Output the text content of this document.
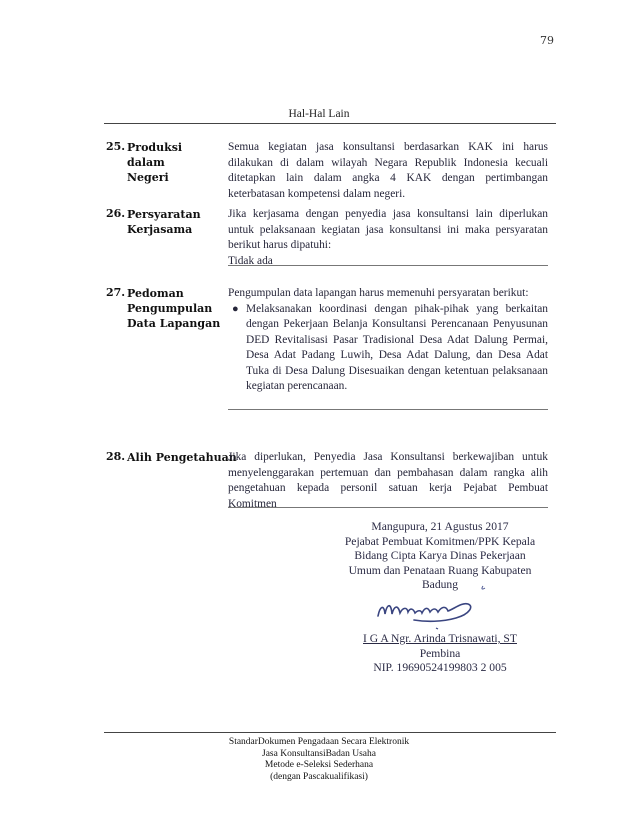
79
Hal-Hal Lain
25. Produksi dalam
Negeri
Semua kegiatan jasa konsultansi berdasarkan KAK ini harus dilakukan di dalam wilayah Negara Republik Indonesia kecuali ditetapkan lain dalam angka 4 KAK dengan pertimbangan keterbatasan kompetensi dalam negeri.
26. Persyaratan
Kerjasama
Jika kerjasama dengan penyedia jasa konsultansi lain diperlukan untuk pelaksanaan kegiatan jasa konsultansi ini maka persyaratan berikut harus dipatuhi:
Tidak ada
27. Pedoman
Pengumpulan
Data Lapangan
Pengumpulan data lapangan harus memenuhi persyaratan berikut:
● Melaksanakan koordinasi dengan pihak-pihak yang berkaitan dengan Pekerjaan Belanja Konsultansi Perencanaan Penyusunan DED Revitalisasi Pasar Tradisional Desa Adat Dalung Permai, Desa Adat Padang Luwih, Desa Adat Dalung, dan Desa Adat Tuka di Desa Dalung Disesuaikan dengan ketentuan pelaksanaan kegiatan perencanaan.
28. Alih Pengetahuan
Jika diperlukan, Penyedia Jasa Konsultansi berkewajiban untuk menyelenggarakan pertemuan dan pembahasan dalam rangka alih pengetahuan kepada personil satuan kerja Pejabat Pembuat Komitmen
Mangupura, 21 Agustus 2017
Pejabat Pembuat Komitmen/PPK Kepala
Bidang Cipta Karya Dinas Pekerjaan
Umum dan Penataan Ruang Kabupaten
Badung
I G A Ngr. Arinda Trisnawati, ST
Pembina
NIP. 19690524199803 2 005
StandarDokumen Pengadaan Secara Elektronik
Jasa KonsultansiBadan Usaha
Metode e-Seleksi Sederhana
(dengan Pascakualifikasi)
